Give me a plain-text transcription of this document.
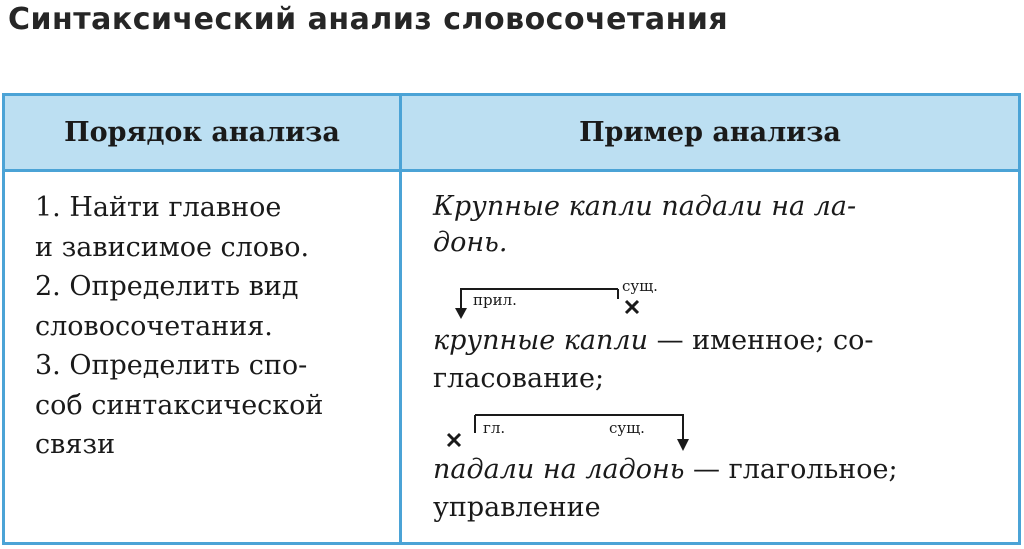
Синтаксический анализ словосочетания
Порядок анализа	Пример анализа
1. Найти главное
и зависимое слово.
2. Определить вид
словосочетания.
3. Определить спо-
соб синтаксической
связи
Крупные капли падали на ла-
донь.
прил.
сущ.
крупные капли — именное; со-
гласование;
гл.	сущ.
падали на ладонь — глагольное;
управление
